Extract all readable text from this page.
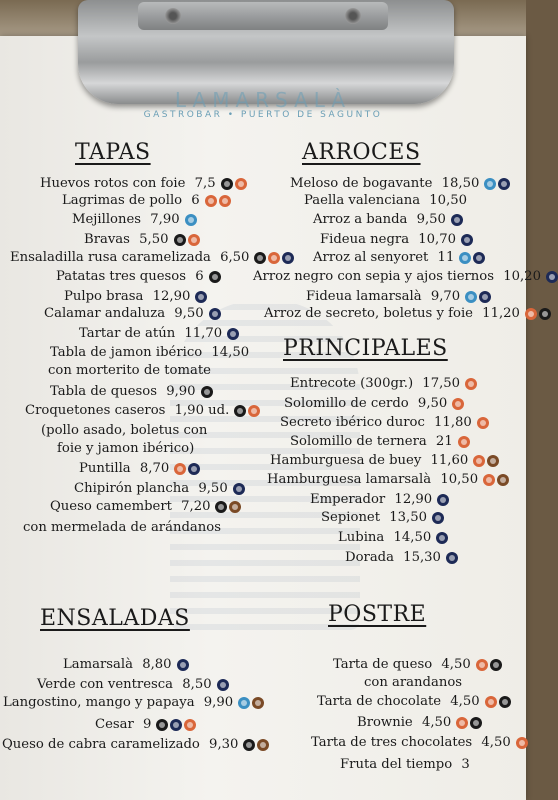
LAMARSALÀ
GASTROBAR • PUERTO DE SAGUNTO
TAPAS	ARROCES
PRINCIPALES
ENSALADAS	POSTRE
Huevos rotos con foie 7,5
Lagrimas de pollo 6
Mejillones 7,90
Bravas 5,50
Ensaladilla rusa caramelizada 6,50
Patatas tres quesos 6
Pulpo brasa 12,90
Calamar andaluza 9,50
Tartar de atún 11,70
Tabla de jamon ibérico 14,50
con morterito de tomate
Tabla de quesos 9,90
Croquetones caseros 1,90 ud.
(pollo asado, boletus con
foie y jamon ibérico)
Puntilla 8,70
Chipirón plancha 9,50
Queso camembert 7,20
con mermelada de arándanos
Meloso de bogavante 18,50
Paella valenciana 10,50
Arroz a banda 9,50
Fideua negra 10,70
Arroz al senyoret 11
Arroz negro con sepia y ajos tiernos 10,20
Fideua lamarsalà 9,70
Arroz de secreto, boletus y foie 11,20
Entrecote (300gr.) 17,50
Solomillo de cerdo 9,50
Secreto ibérico duroc 11,80
Solomillo de ternera 21
Hamburguesa de buey 11,60
Hamburguesa lamarsalà 10,50
Emperador 12,90
Sepionet 13,50
Lubina 14,50
Dorada 15,30
Lamarsalà 8,80
Verde con ventresca 8,50
Langostino, mango y papaya 9,90
Cesar 9
Queso de cabra caramelizado 9,30
Tarta de queso 4,50
con arandanos
Tarta de chocolate 4,50
Brownie 4,50
Tarta de tres chocolates 4,50
Fruta del tiempo 3
